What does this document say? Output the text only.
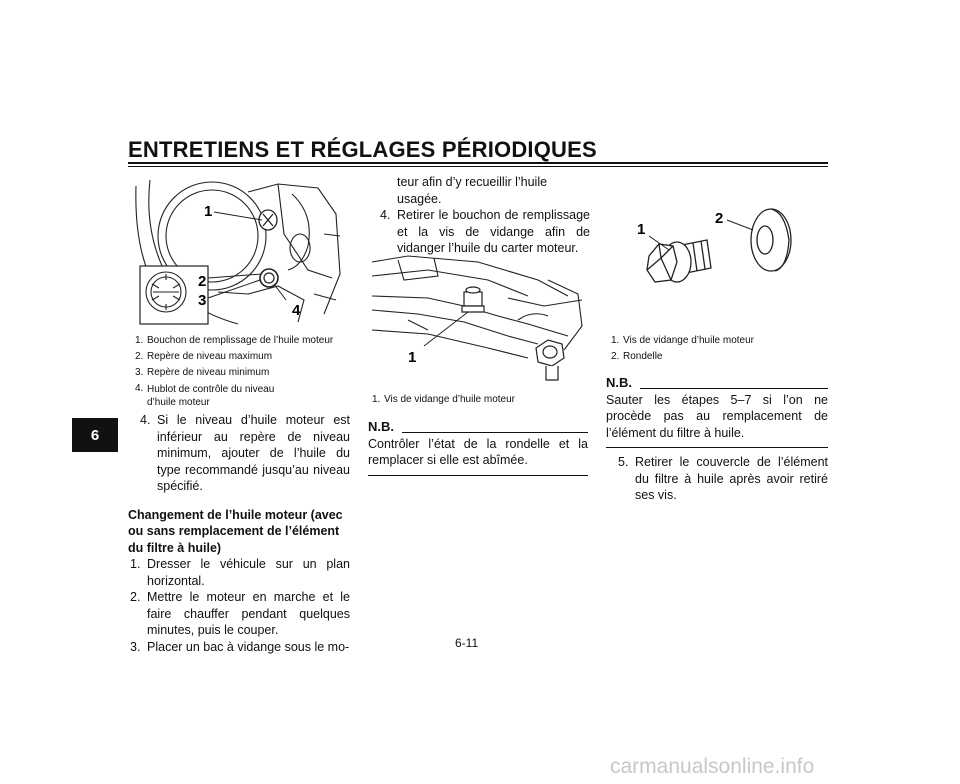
ENTRETIENS ET RÉGLAGES PÉRIODIQUES
6
1
2
3
4
1. Bouchon de remplissage de l’huile moteur
2. Repère de niveau maximum
3. Repère de niveau minimum
4. Hublot de contrôle du niveau d’huile moteur
4. Si le niveau d’huile moteur est inférieur au repère de niveau minimum, ajouter de l’huile du type recommandé jusqu’au niveau spécifié.
Changement de l’huile moteur (avec ou sans remplacement de l’élément du filtre à huile)
1. Dresser le véhicule sur un plan horizontal.
2. Mettre le moteur en marche et le faire chauffer pendant quelques minutes, puis le couper.
3. Placer un bac à vidange sous le mo-
teur afin d’y recueillir l’huile usagée.
4. Retirer le bouchon de remplissage et la vis de vidange afin de vidanger l’huile du carter moteur.
1
1. Vis de vidange d’huile moteur
N.B.
Contrôler l’état de la rondelle et la remplacer si elle est abîmée.
1
2
1. Vis de vidange d’huile moteur
2. Rondelle
N.B.
Sauter les étapes 5–7 si l’on ne procède pas au remplacement de l’élément du filtre à huile.
5. Retirer le couvercle de l’élément du filtre à huile après avoir retiré ses vis.
6-11
carmanualsonline.info
